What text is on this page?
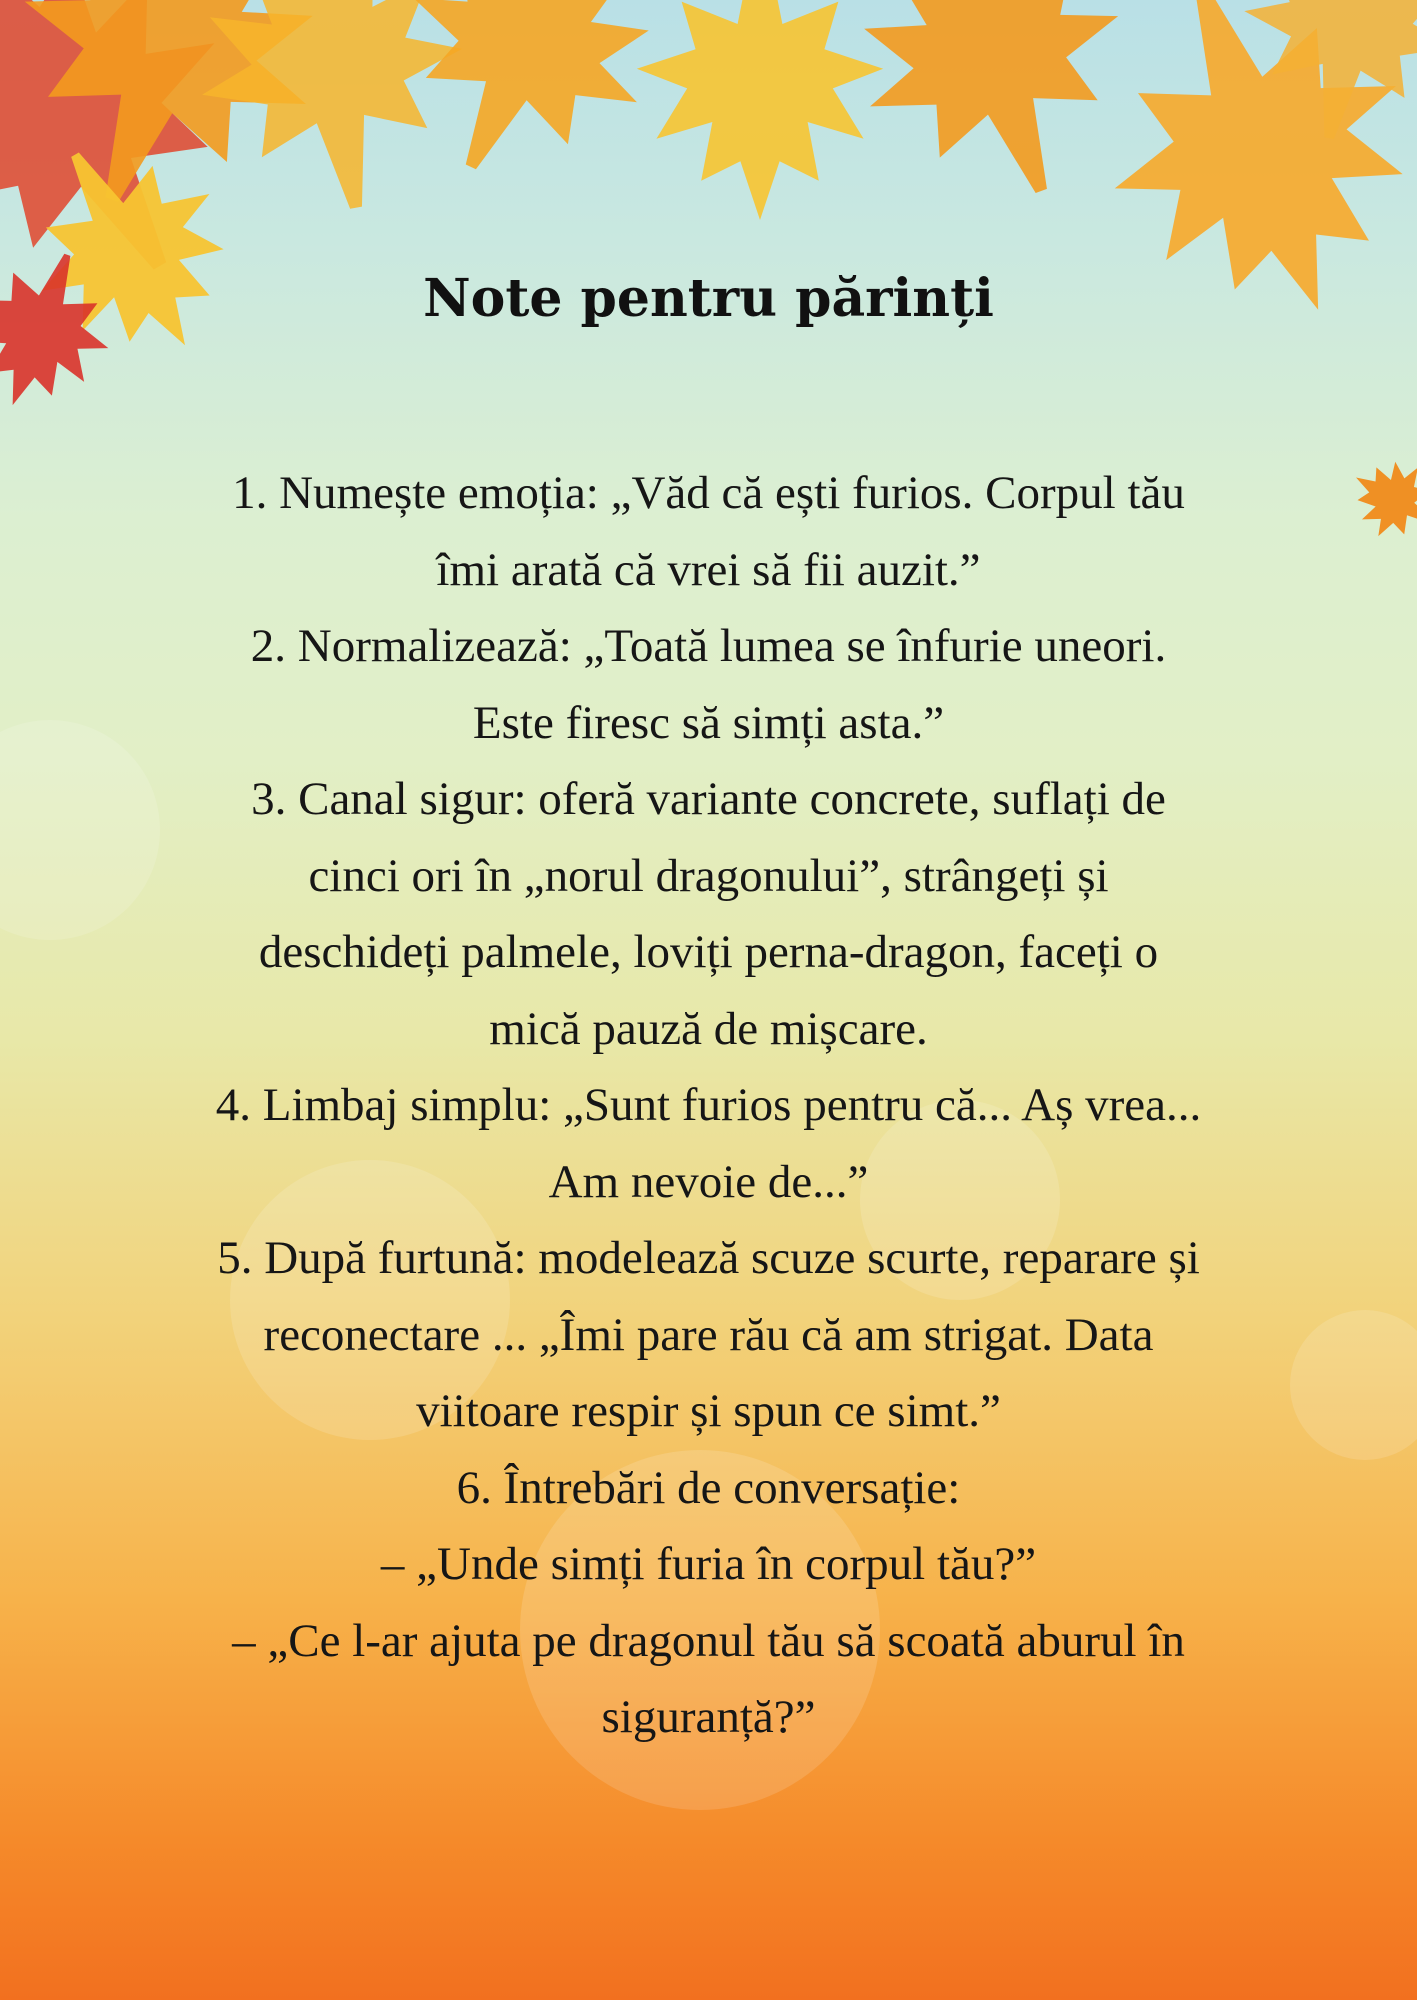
Note pentru părinți
1. Numește emoția: „Văd că ești furios. Corpul tău
îmi arată că vrei să fii auzit.”
2. Normalizează: „Toată lumea se înfurie uneori.
Este firesc să simți asta.”
3. Canal sigur: oferă variante concrete, suflați de
cinci ori în „norul dragonului”, strângeți și
deschideți palmele, loviți perna-dragon, faceți o
mică pauză de mișcare.
4. Limbaj simplu: „Sunt furios pentru că... Aș vrea...
Am nevoie de...”
5. După furtună: modelează scuze scurte, reparare și
reconectare ... „Îmi pare rău că am strigat. Data
viitoare respir și spun ce simt.”
6. Întrebări de conversație:
– „Unde simți furia în corpul tău?”
– „Ce l-ar ajuta pe dragonul tău să scoată aburul în
siguranță?”
